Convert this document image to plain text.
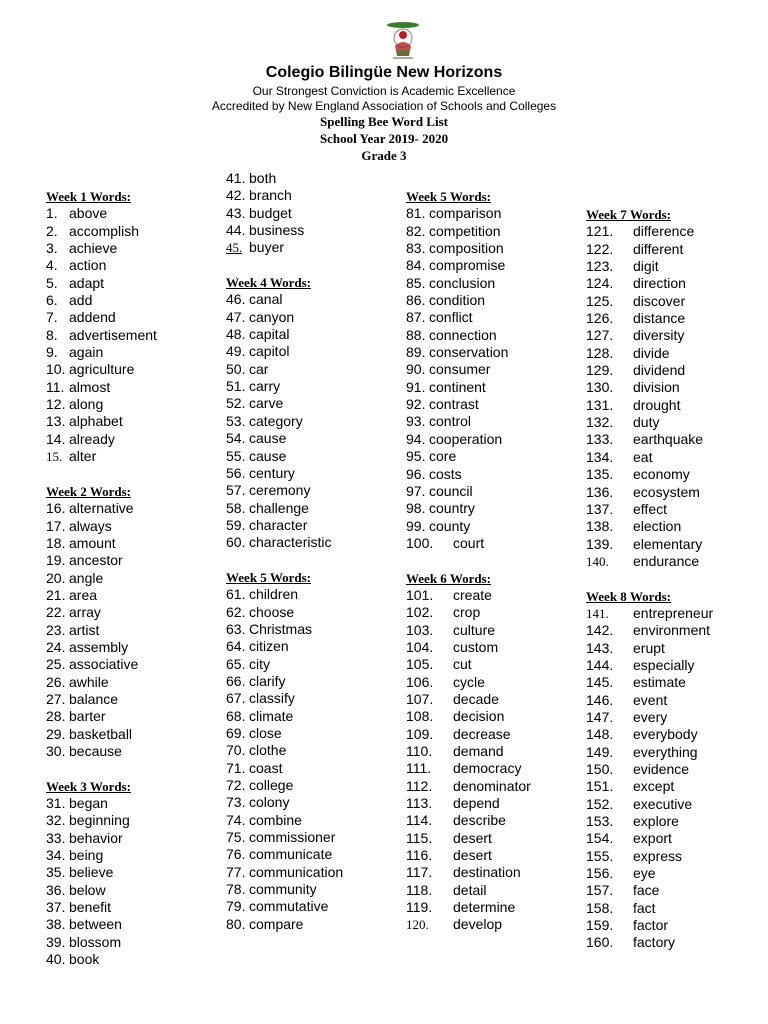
Colegio Bilingüe New Horizons
Our Strongest Conviction is Academic Excellence
Accredited by New England Association of Schools and Colleges
Spelling Bee Word List
School Year 2019- 2020
Grade 3
Week 1 Words:
1. above
2. accomplish
3. achieve
4. action
5. adapt
6. add
7. addend
8. advertisement
9. again
10. agriculture
11. almost
12. along
13. alphabet
14. already
15. alter
Week 2 Words:
16. alternative
17. always
18. amount
19. ancestor
20. angle
21. area
22. array
23. artist
24. assembly
25. associative
26. awhile
27. balance
28. barter
29. basketball
30. because
Week 3 Words:
31. began
32. beginning
33. behavior
34. being
35. believe
36. below
37. benefit
38. between
39. blossom
40. book
41. both
42. branch
43. budget
44. business
45. buyer
Week 4 Words:
46. canal
47. canyon
48. capital
49. capitol
50. car
51. carry
52. carve
53. category
54. cause
55. cause
56. century
57. ceremony
58. challenge
59. character
60. characteristic
Week 5 Words:
61. children
62. choose
63. Christmas
64. citizen
65. city
66. clarify
67. classify
68. climate
69. close
70. clothe
71. coast
72. college
73. colony
74. combine
75. commissioner
76. communicate
77. communication
78. community
79. commutative
80. compare
Week 5 Words:
81. comparison
82. competition
83. composition
84. compromise
85. conclusion
86. condition
87. conflict
88. connection
89. conservation
90. consumer
91. continent
92. contrast
93. control
94. cooperation
95. core
96. costs
97. council
98. country
99. county
100.	court
Week 6 Words:
101.	create
102.	crop
103.	culture
104.	custom
105.	cut
106.	cycle
107.	decade
108.	decision
109.	decrease
110.	demand
111.	democracy
112.	denominator
113.	depend
114.	describe
115.	desert
116.	desert
117.	destination
118.	detail
119.	determine
120.	develop
Week 7 Words:
121.	difference
122.	different
123.	digit
124.	direction
125.	discover
126.	distance
127.	diversity
128.	divide
129.	dividend
130.	division
131.	drought
132.	duty
133.	earthquake
134.	eat
135.	economy
136.	ecosystem
137.	effect
138.	election
139.	elementary
140.	endurance
Week 8 Words:
141.	entrepreneur
142.	environment
143.	erupt
144.	especially
145.	estimate
146.	event
147.	every
148.	everybody
149.	everything
150.	evidence
151.	except
152.	executive
153.	explore
154.	export
155.	express
156.	eye
157.	face
158.	fact
159.	factor
160.	factory
